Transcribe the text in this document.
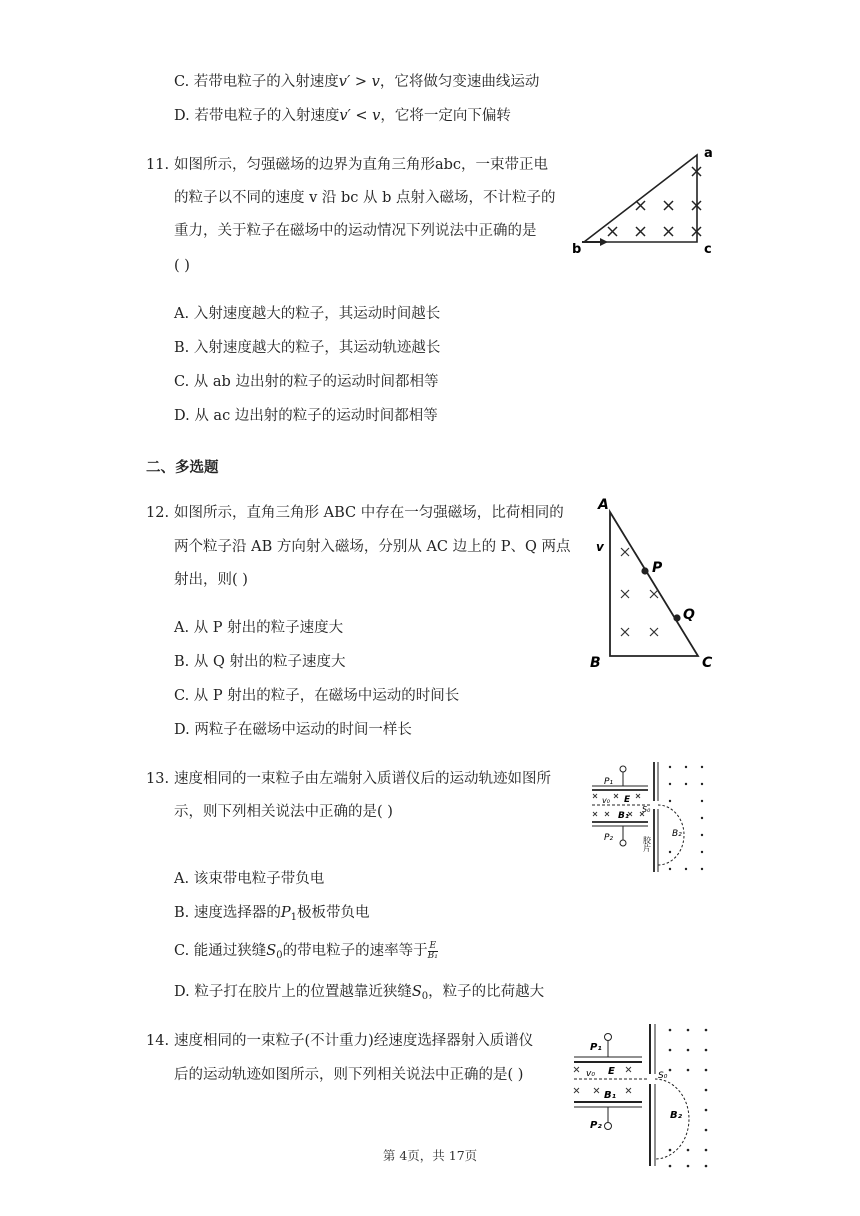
C. 若带电粒子的入射速度v′ > v，它将做匀变速曲线运动
D. 若带电粒子的入射速度v′ < v，它将一定向下偏转
11. 如图所示，匀强磁场的边界为直角三角形abc，一束带正电
的粒子以不同的速度 v 沿 bc 从 b 点射入磁场，不计粒子的
重力，关于粒子在磁场中的运动情况下列说法中正确的是
( )
A. 入射速度越大的粒子，其运动时间越长
B. 入射速度越大的粒子，其运动轨迹越长
C. 从 ab 边出射的粒子的运动时间都相等
D. 从 ac 边出射的粒子的运动时间都相等
a
b	c
二、多选题
12. 如图所示，直角三角形 ABC 中存在一匀强磁场，比荷相同的
两个粒子沿 AB 方向射入磁场，分别从 AC 边上的 P、Q 两点
射出，则( )
A. 从 P 射出的粒子速度大
B. 从 Q 射出的粒子速度大
C. 从 P 射出的粒子，在磁场中运动的时间长
D. 两粒子在磁场中运动的时间一样长
A
B	C
P
Q
v
13. 速度相同的一束粒子由左端射入质谱仪后的运动轨迹如图所
示，则下列相关说法中正确的是( )
A. 该束带电粒子带负电
B. 速度选择器的$P_1$极板带负电
C. 能通过狭缝$S_0$的带电粒子的速率等于 $\frac{E}{\text{B₁}}$
D. 粒子打在胶片上的位置越靠近狭缝$S_0$，粒子的比荷越大
P₁
P₂
E
v₀
B₁
B₂
S₀
胶片
14. 速度相同的一束粒子(不计重力)经速度选择器射入质谱仪
后的运动轨迹如图所示，则下列相关说法中正确的是( )
P₁
P₂
E
v₀
B₁
B₂
S₀
第 4页，共 17页
